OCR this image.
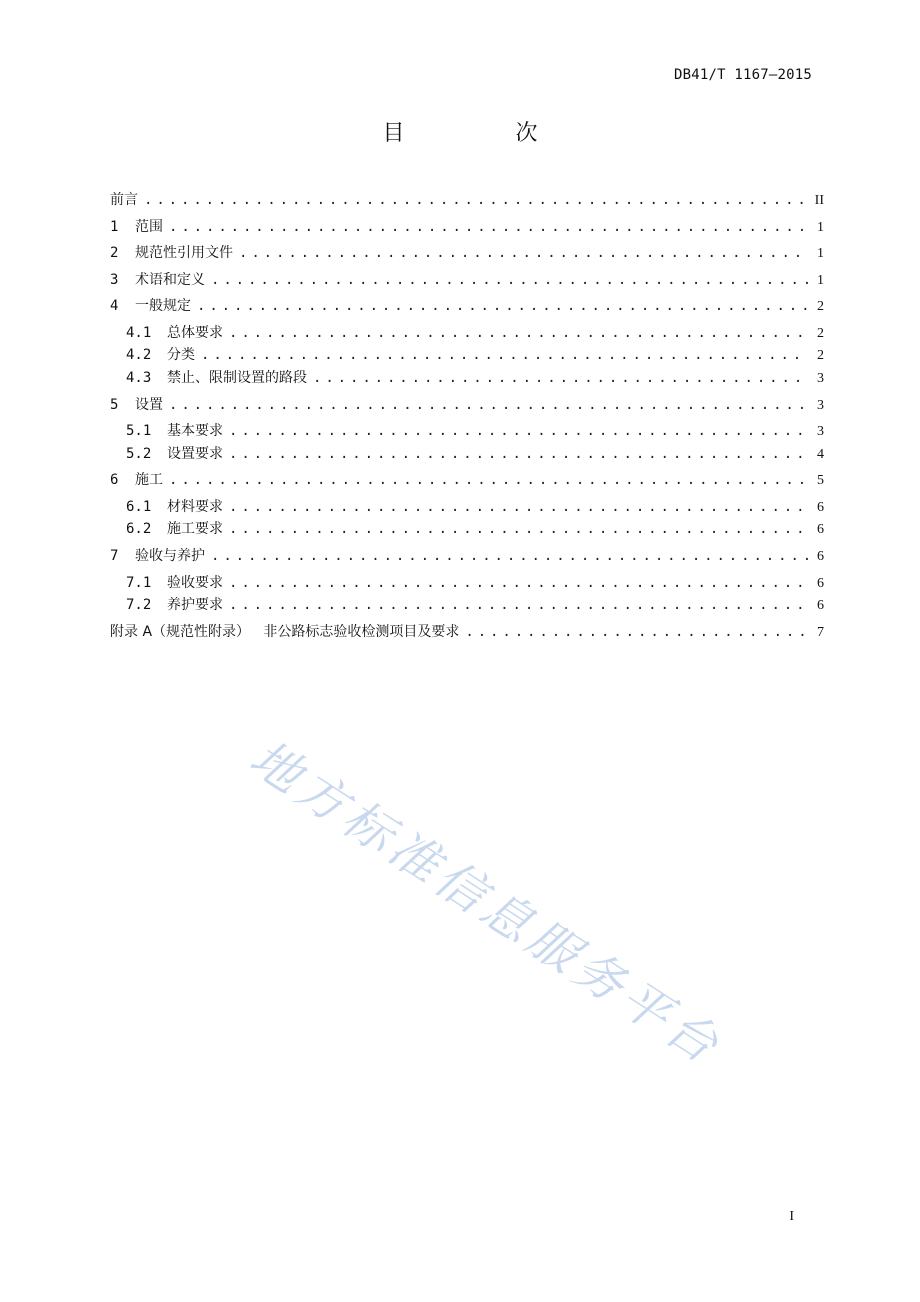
DB41/T 1167—2015
目 次
前言 .....	II
1	范围 .....	1
2	规范性引用文件 .....	1
3	术语和定义 .....	1
4	一般规定 .....	2
4.1	总体要求 .....	2
4.2	分类 .....	2
4.3	禁止、限制设置的路段 .....	3
5	设置 .....	3
5.1	基本要求 .....	3
5.2	设置要求 .....	4
6	施工 .....	5
6.1	材料要求 .....	6
6.2	施工要求 .....	6
7	验收与养护 .....	6
7.1	验收要求 .....	6
7.2	养护要求 .....	6
附录 A（规范性附录）   非公路标志验收检测项目及要求 .....	7
地方标准信息服务平台
I
